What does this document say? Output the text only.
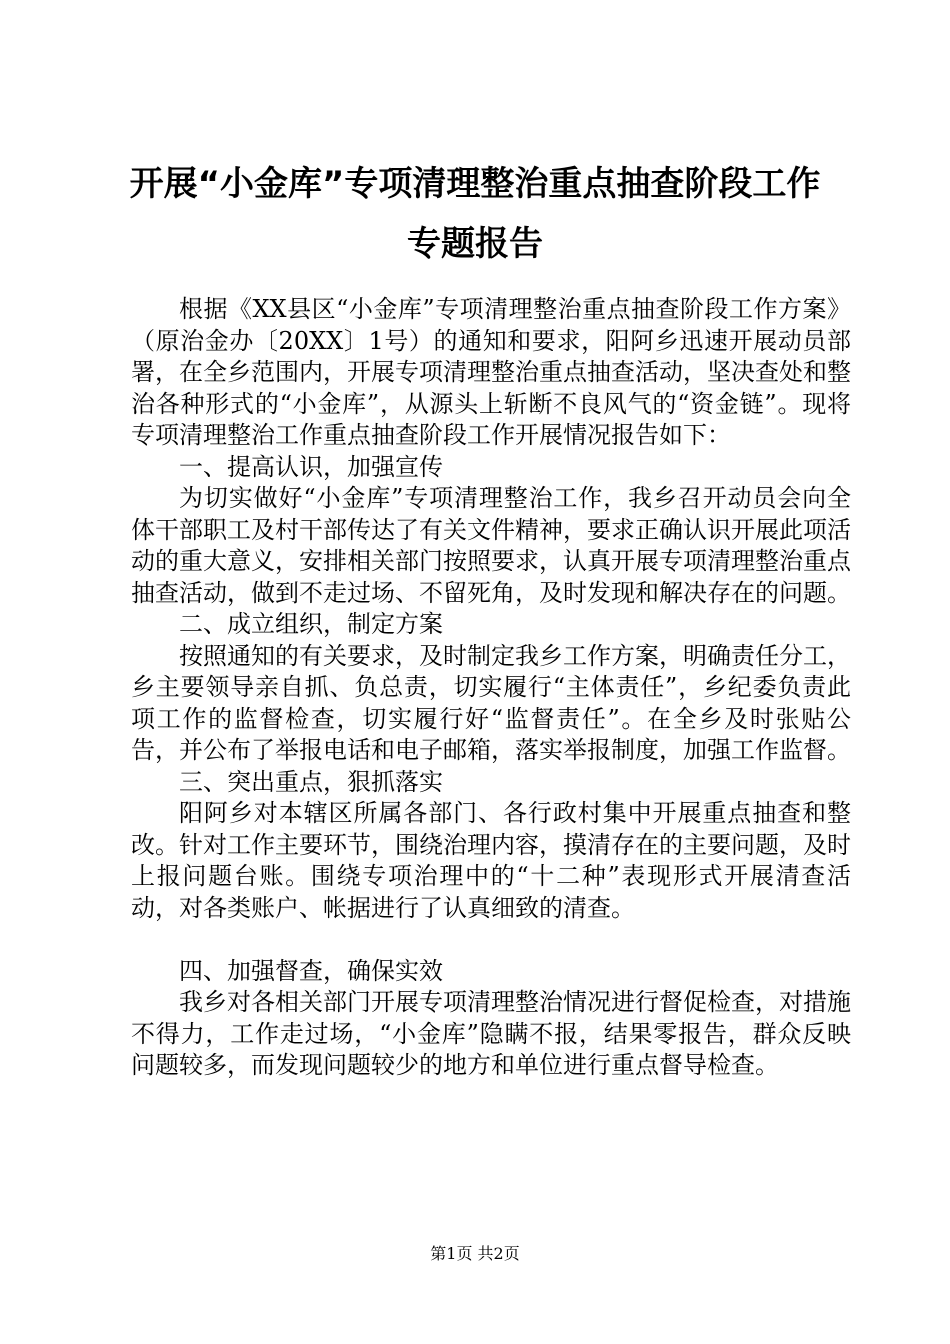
开展“小金库”专项清理整治重点抽查阶段工作专题报告

根据《XX县区“小金库”专项清理整治重点抽查阶段工作方案》（原治金办〔20XX〕1号）的通知和要求，阳阿乡迅速开展动员部署，在全乡范围内，开展专项清理整治重点抽查活动，坚决查处和整治各种形式的“小金库”，从源头上斩断不良风气的“资金链”。现将专项清理整治工作重点抽查阶段工作开展情况报告如下：

一、提高认识，加强宣传

为切实做好“小金库”专项清理整治工作，我乡召开动员会向全体干部职工及村干部传达了有关文件精神，要求正确认识开展此项活动的重大意义，安排相关部门按照要求，认真开展专项清理整治重点抽查活动，做到不走过场、不留死角，及时发现和解决存在的问题。

二、成立组织，制定方案

按照通知的有关要求，及时制定我乡工作方案，明确责任分工，乡主要领导亲自抓、负总责，切实履行“主体责任”，乡纪委负责此项工作的监督检查，切实履行好“监督责任”。在全乡及时张贴公告，并公布了举报电话和电子邮箱，落实举报制度，加强工作监督。

三、突出重点，狠抓落实

阳阿乡对本辖区所属各部门、各行政村集中开展重点抽查和整改。针对工作主要环节，围绕治理内容，摸清存在的主要问题，及时上报问题台账。围绕专项治理中的“十二种”表现形式开展清查活动，对各类账户、帐据进行了认真细致的清查。

四、加强督查，确保实效

我乡对各相关部门开展专项清理整治情况进行督促检查，对措施不得力，工作走过场，“小金库”隐瞒不报，结果零报告，群众反映问题较多，而发现问题较少的地方和单位进行重点督导检查。

第1页 共2页
